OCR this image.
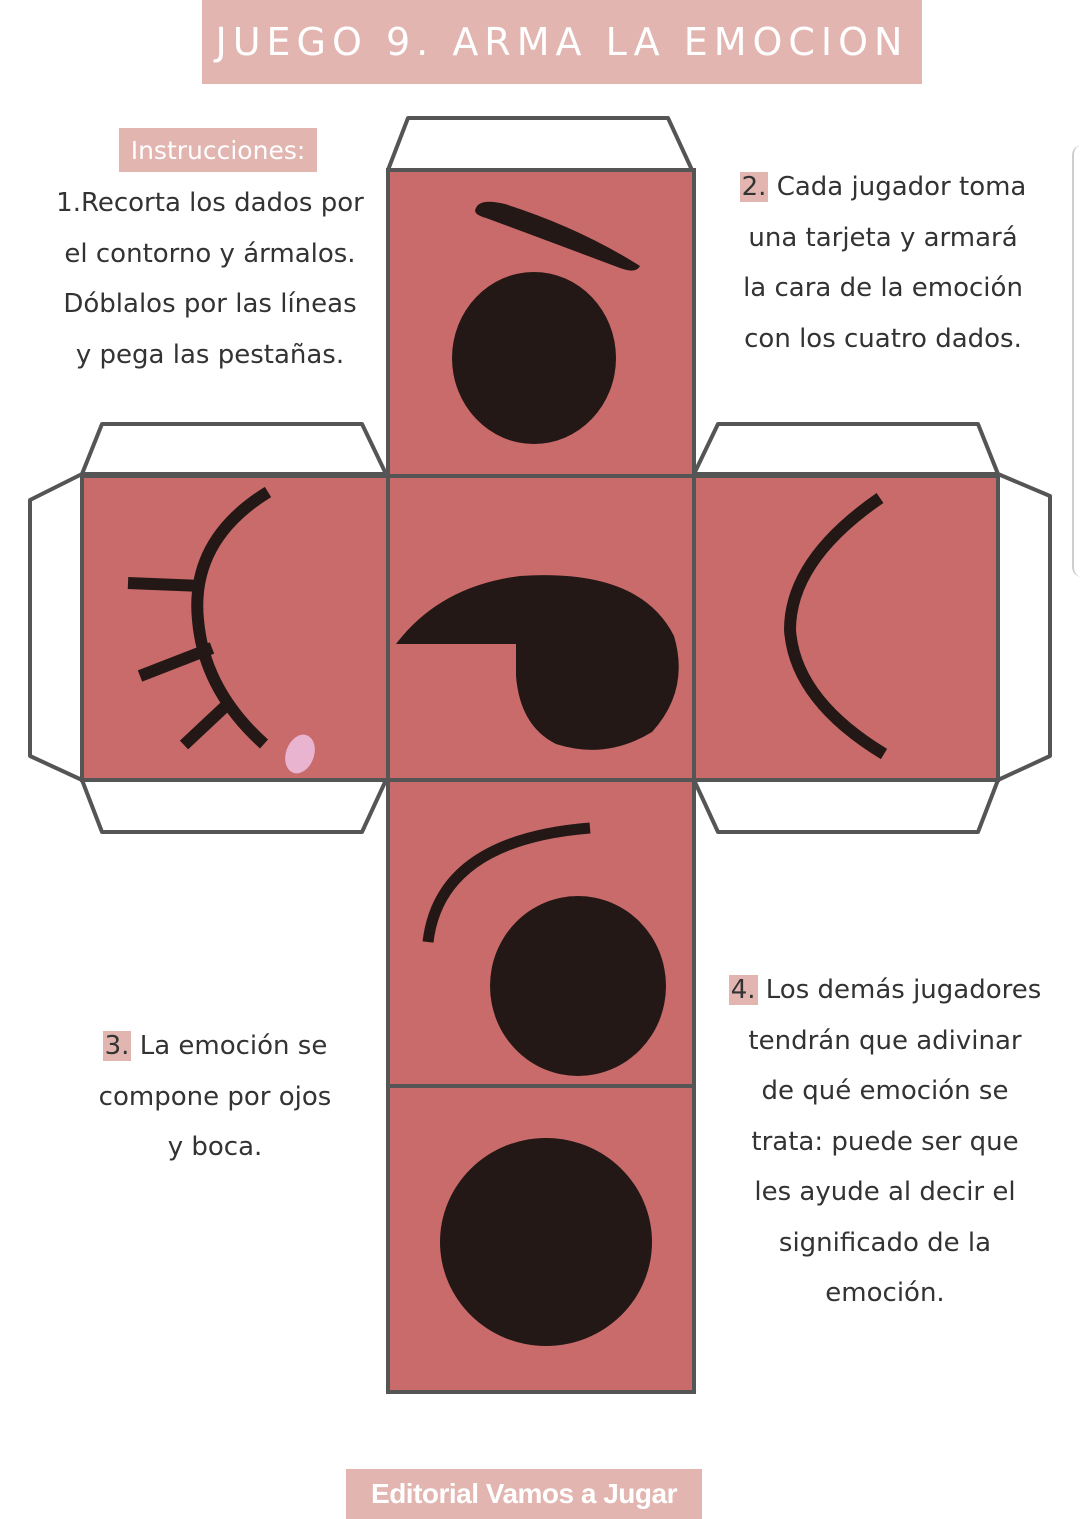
JUEGO 9. ARMA LA EMOCION
Instrucciones:

1.Recorta los dados por
el contorno y ármalos.
Dóblalos por las líneas
y pega las pestañas.

2. Cada jugador toma
una tarjeta y armará
la cara de la emoción
con los cuatro dados.

3. La emoción se
compone por ojos
y boca.

4. Los demás jugadores
tendrán que adivinar
de qué emoción se
trata: puede ser que
les ayude al decir el
significado de la
emoción.

Editorial Vamos a Jugar
